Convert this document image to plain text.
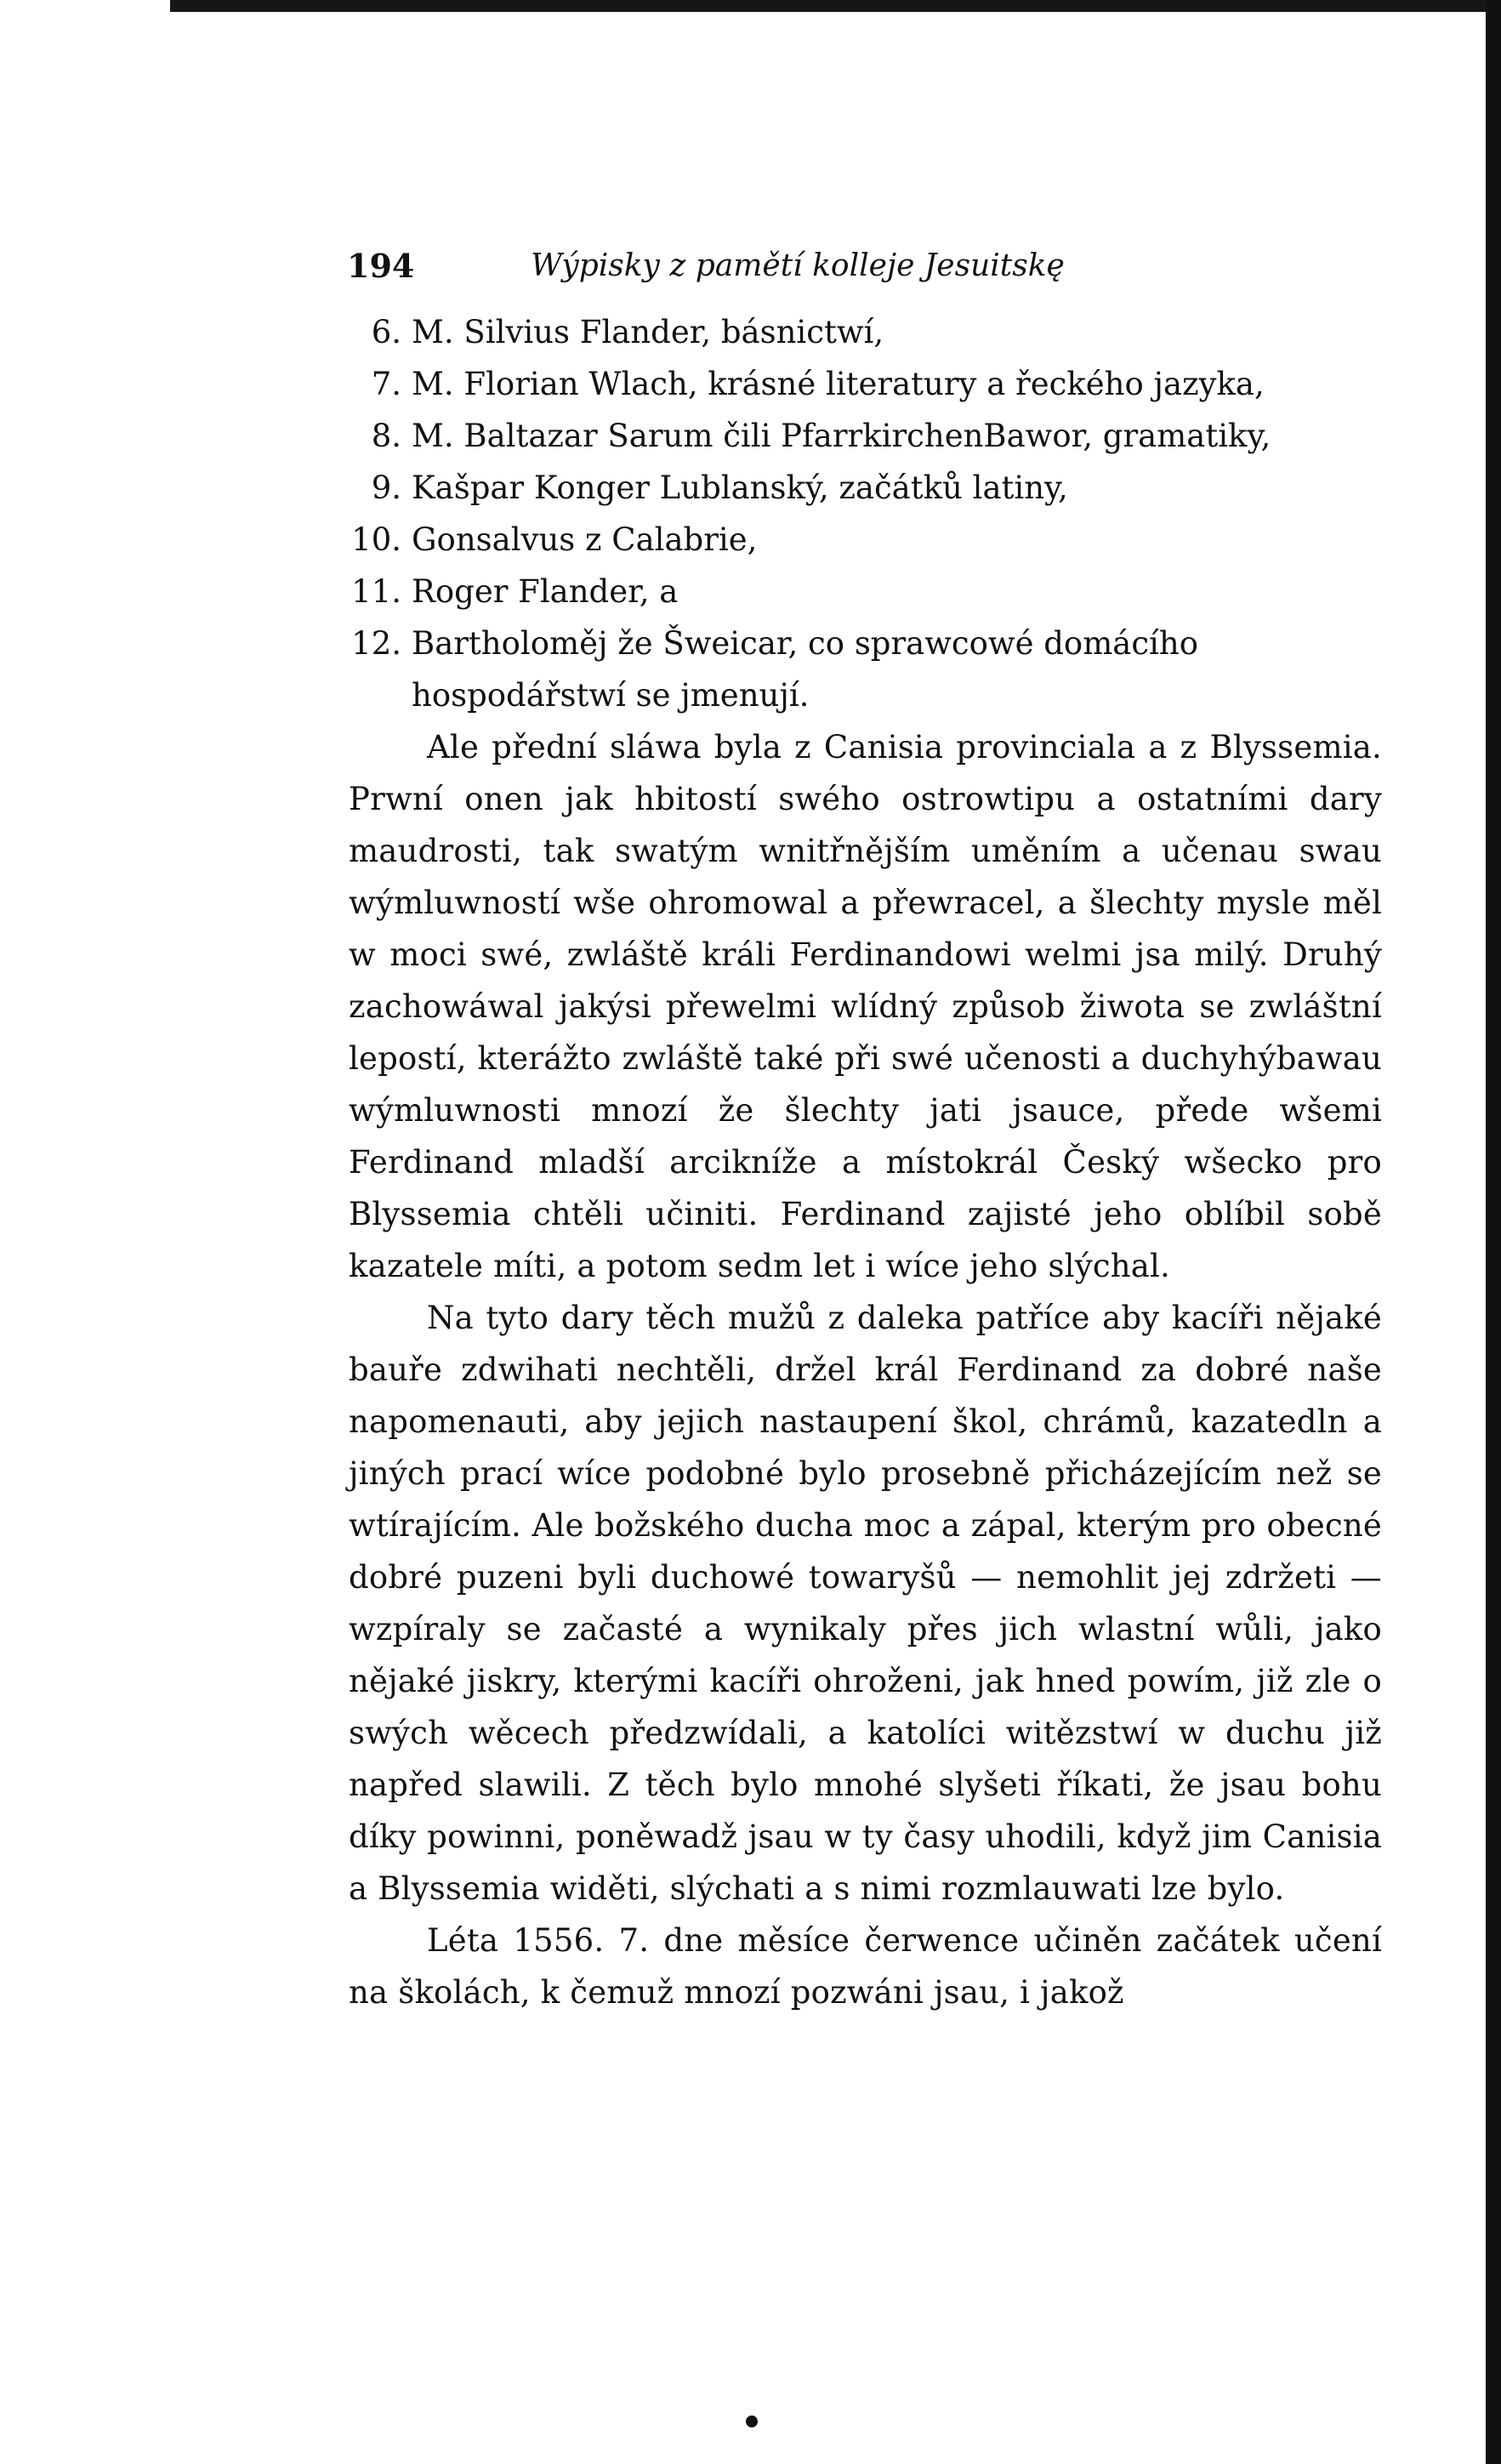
194	Wýpisky z pamětí kolleje Jesuitskę

6. M. Silvius Flander, básnictwí,

7. M. Florian Wlach, krásné literatury a řeckého jazyka,

8. M. Baltazar Sarum čili PfarrkirchenBawor, gramatiky,

9. Kašpar Konger Lublanský, začátků latiny,

10. Gonsalvus z Calabrie,

11. Roger Flander, a

12. Bartholoměj že Šweicar, co sprawcowé domácího hospodářstwí se jmenují.

Ale přední sláwa byla z Canisia provinciala a z Blyssemia. Prwní onen jak hbitostí swého ostrowtipu a ostatními dary maudrosti, tak swatým wnitřnějším uměním a učenau swau wýmluwností wše ohromowal a přewracel, a šlechty mysle měl w moci swé, zwláště králi Ferdinandowi welmi jsa milý. Druhý zachowáwal jakýsi přewelmi wlídný způsob žiwota se zwláštní lepostí, kterážto zwláště také při swé učenosti a duchyhýbawau wýmluwnosti mnozí že šlechty jati jsauce, přede wšemi Ferdinand mladší arcikníže a místokrál Český wšecko pro Blyssemia chtěli učiniti. Ferdinand zajisté jeho oblíbil sobě kazatele míti, a potom sedm let i wíce jeho slýchal.

Na tyto dary těch mužů z daleka patříce aby kacíři nějaké bauře zdwihati nechtěli, držel král Ferdinand za dobré naše napomenauti, aby jejich nastaupení škol, chrámů, kazatedln a jiných prací wíce podobné bylo prosebně přicházejícím než se wtírajícím. Ale božského ducha moc a zápal, kterým pro obecné dobré puzeni byli duchowé towaryšů — nemohlit jej zdržeti — wzpíraly se začasté a wynikaly přes jich wlastní wůli, jako nějaké jiskry, kterými kacíři ohroženi, jak hned powím, již zle o swých wěcech předzwídali, a katolíci witězstwí w duchu již napřed slawili. Z těch bylo mnohé slyšeti říkati, že jsau bohu díky powinni, poněwadž jsau w ty časy uhodili, když jim Canisia a Blyssemia widěti, slýchati a s nimi rozmlauwati lze bylo.

Léta 1556. 7. dne měsíce čerwence učiněn začátek učení na školách, k čemuž mnozí pozwáni jsau, i jakož
